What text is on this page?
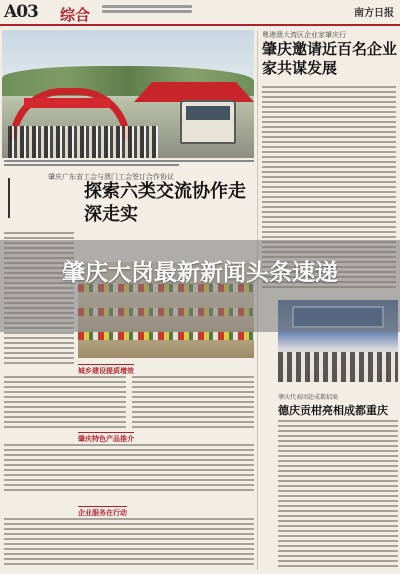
A03 综合	南方日报
粤港澳大湾区企业家肇庆行
肇庆邀请近百名企业家共谋发展
肇庆广东省工会与澳门工会签订合作协议
探索六类交流协作走深走实
城乡建设提质增效
肇庆特色产品推介
企业服务在行动
肇庆代表团赴成都招商
德庆贡柑亮相成都重庆
肇庆大岗最新新闻头条速递
